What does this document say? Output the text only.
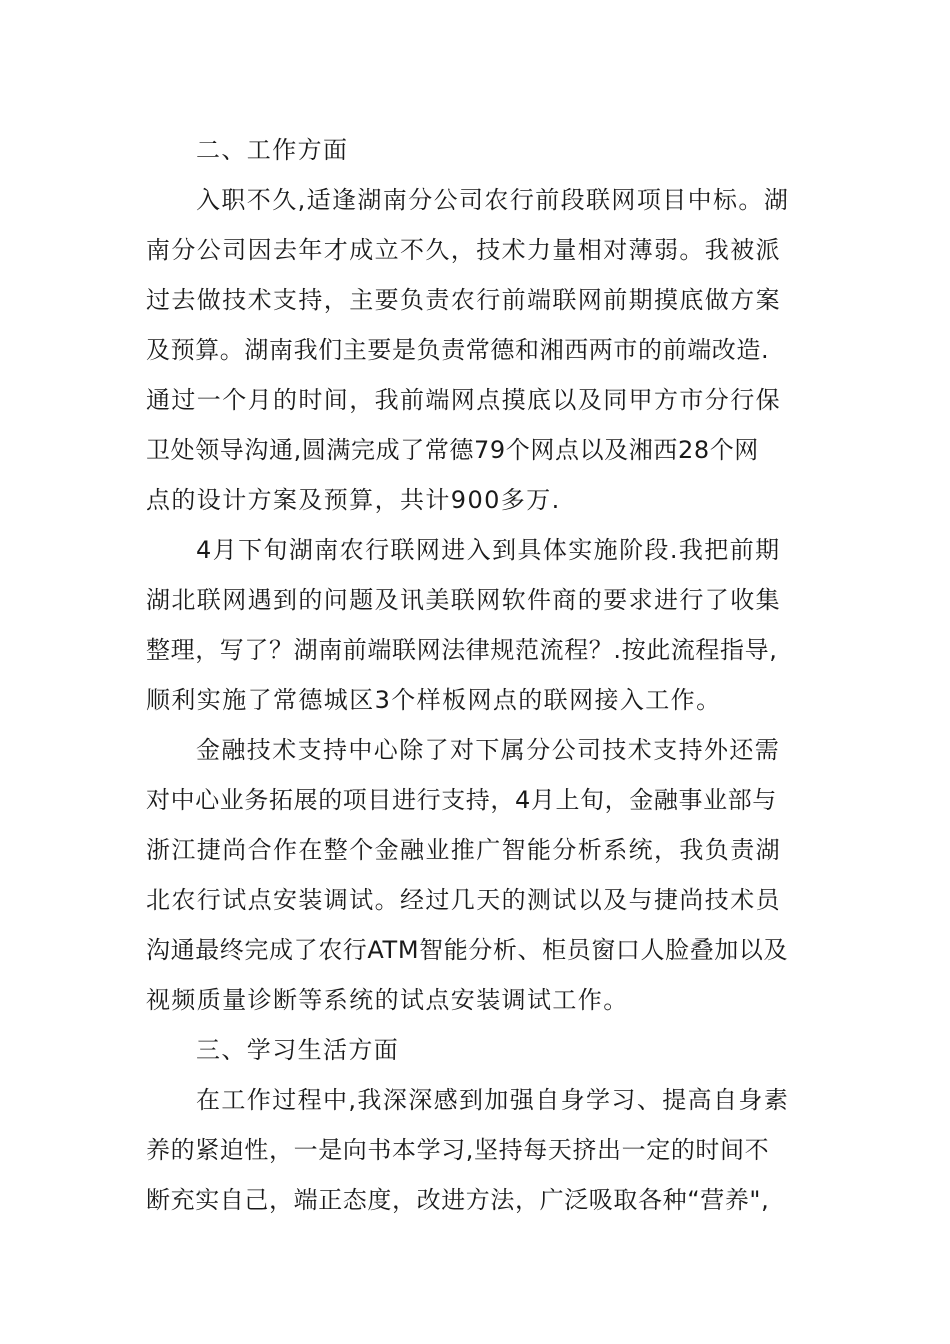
二、工作方面

入职不久,适逢湖南分公司农行前段联网项目中标。湖

南分公司因去年才成立不久，技术力量相对薄弱。我被派

过去做技术支持，主要负责农行前端联网前期摸底做方案

及预算。湖南我们主要是负责常德和湘西两市的前端改造.

通过一个月的时间，我前端网点摸底以及同甲方市分行保

卫处领导沟通,圆满完成了常德79个网点以及湘西28个网

点的设计方案及预算，共计900多万.

4月下旬湖南农行联网进入到具体实施阶段.我把前期

湖北联网遇到的问题及讯美联网软件商的要求进行了收集

整理，写了？湖南前端联网法律规范流程？.按此流程指导,

顺利实施了常德城区3个样板网点的联网接入工作。

金融技术支持中心除了对下属分公司技术支持外还需

对中心业务拓展的项目进行支持，4月上旬，金融事业部与

浙江捷尚合作在整个金融业推广智能分析系统，我负责湖

北农行试点安装调试。经过几天的测试以及与捷尚技术员

沟通最终完成了农行ATM智能分析、柜员窗口人脸叠加以及

视频质量诊断等系统的试点安装调试工作。

三、学习生活方面

在工作过程中,我深深感到加强自身学习、提高自身素

养的紧迫性，一是向书本学习,坚持每天挤出一定的时间不

断充实自己，端正态度，改进方法，广泛吸取各种“营养",
